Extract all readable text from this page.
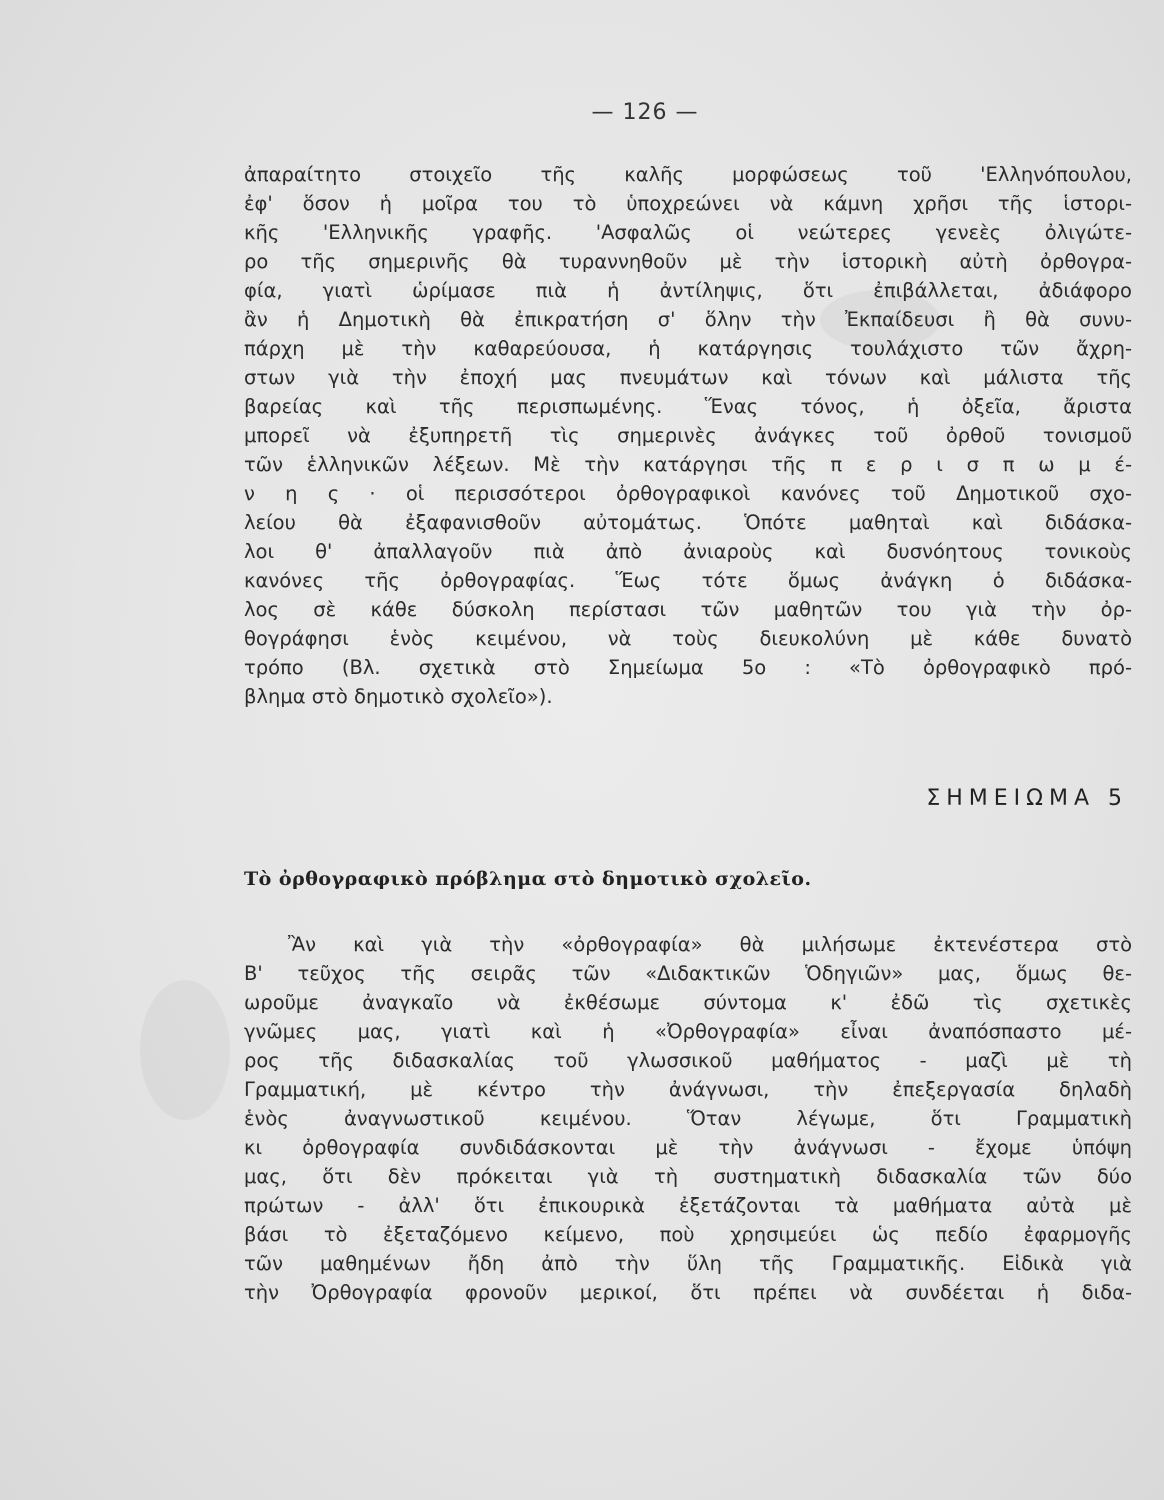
— 126 —
ἀπαραίτητο στοιχεῖο τῆς καλῆς μορφώσεως τοῦ 'Ελληνόπουλου,
ἐφ' ὅσον ἡ μοῖρα του τὸ ὑποχρεώνει νὰ κάμνη χρῆσι τῆς ἱστορι-
κῆς 'Ελληνικῆς γραφῆς. 'Ασφαλῶς οἱ νεώτερες γενεὲς ὀλιγώτε-
ρο τῆς σημερινῆς θὰ τυραννηθοῦν μὲ τὴν ἱστορικὴ αὐτὴ ὀρθογρα-
φία, γιατὶ ὡρίμασε πιὰ ἡ ἀντίληψις, ὅτι ἐπιβάλλεται, ἀδιάφορο
ἂν ἡ Δημοτικὴ θὰ ἐπικρατήση σ' ὅλην τὴν Ἐκπαίδευσι ἢ θὰ συνυ-
πάρχη μὲ τὴν καθαρεύουσα, ἡ κατάργησις τουλάχιστο τῶν ἄχρη-
στων γιὰ τὴν ἐποχή μας πνευμάτων καὶ τόνων καὶ μάλιστα τῆς
βαρείας καὶ τῆς περισπωμένης. Ἕνας τόνος, ἡ ὀξεῖα, ἄριστα
μπορεῖ νὰ ἐξυπηρετῆ τὶς σημερινὲς ἀνάγκες τοῦ ὀρθοῦ τονισμοῦ
τῶν ἑλληνικῶν λέξεων. Μὲ τὴν κατάργησι τῆς π ε ρ ι σ π ω μ έ-
ν η ς · οἱ περισσότεροι ὀρθογραφικοὶ κανόνες τοῦ Δημοτικοῦ σχο-
λείου θὰ ἐξαφανισθοῦν αὐτομάτως. Ὁπότε μαθηταὶ καὶ διδάσκα-
λοι θ' ἀπαλλαγοῦν πιὰ ἀπὸ ἀνιαροὺς καὶ δυσνόητους τονικοὺς
κανόνες τῆς ὀρθογραφίας. Ἕως τότε ὅμως ἀνάγκη ὁ διδάσκα-
λος σὲ κάθε δύσκολη περίστασι τῶν μαθητῶν του γιὰ τὴν ὀρ-
θογράφησι ἑνὸς κειμένου, νὰ τοὺς διευκολύνη μὲ κάθε δυνατὸ
τρόπο (Βλ. σχετικὰ στὸ Σημείωμα 5ο : «Τὸ ὀρθογραφικὸ πρό-
βλημα στὸ δημοτικὸ σχολεῖο»).
ΣΗΜΕΙΩΜΑ 5
Τὸ ὀρθογραφικὸ πρόβλημα στὸ δημοτικὸ σχολεῖο.
Ἂν καὶ γιὰ τὴν «ὀρθογραφία» θὰ μιλήσωμε ἐκτενέστερα στὸ
Β' τεῦχος τῆς σειρᾶς τῶν «Διδακτικῶν Ὁδηγιῶν» μας, ὅμως θε-
ωροῦμε ἀναγκαῖο νὰ ἐκθέσωμε σύντομα κ' ἐδῶ τὶς σχετικὲς
γνῶμες μας, γιατὶ καὶ ἡ «Ὀρθογραφία» εἶναι ἀναπόσπαστο μέ-
ρος τῆς διδασκαλίας τοῦ γλωσσικοῦ μαθήματος - μαζὶ μὲ τὴ
Γραμματική, μὲ κέντρο τὴν ἀνάγνωσι, τὴν ἐπεξεργασία δηλαδὴ
ἑνὸς ἀναγνωστικοῦ κειμένου. Ὅταν λέγωμε, ὅτι Γραμματικὴ
κι ὀρθογραφία συνδιδάσκονται μὲ τὴν ἀνάγνωσι - ἔχομε ὑπόψη
μας, ὅτι δὲν πρόκειται γιὰ τὴ συστηματικὴ διδασκαλία τῶν δύο
πρώτων - ἀλλ' ὅτι ἐπικουρικὰ ἐξετάζονται τὰ μαθήματα αὐτὰ μὲ
βάσι τὸ ἐξεταζόμενο κείμενο, ποὺ χρησιμεύει ὡς πεδίο ἐφαρμογῆς
τῶν μαθημένων ἤδη ἀπὸ τὴν ὕλη τῆς Γραμματικῆς. Εἰδικὰ γιὰ
τὴν Ὀρθογραφία φρονοῦν μερικοί, ὅτι πρέπει νὰ συνδέεται ἡ διδα-
